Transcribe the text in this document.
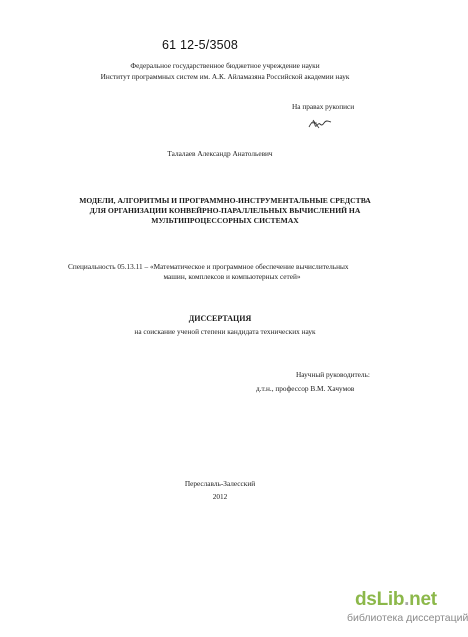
61 12-5/3508
Федеральное государственное бюджетное учреждение науки
Институт программных систем им. А.К. Айламазяна Российской академии наук
На правах рукописи
Талалаев Александр Анатольевич
МОДЕЛИ, АЛГОРИТМЫ И ПРОГРАММНО-ИНСТРУМЕНТАЛЬНЫЕ СРЕДСТВА
ДЛЯ ОРГАНИЗАЦИИ КОНВЕЙРНО-ПАРАЛЛЕЛЬНЫХ ВЫЧИСЛЕНИЙ НА
МУЛЬТИПРОЦЕССОРНЫХ СИСТЕМАХ
Специальность 05.13.11 – «Математическое и программное обеспечение вычислительных
машин, комплексов и компьютерных сетей»
ДИССЕРТАЦИЯ
на соискание ученой степени кандидата технических наук
Научный руководитель:
д.т.н., профессор В.М. Хачумов
Переславль-Залесский
2012
dsLib.net
библиотека диссертаций
